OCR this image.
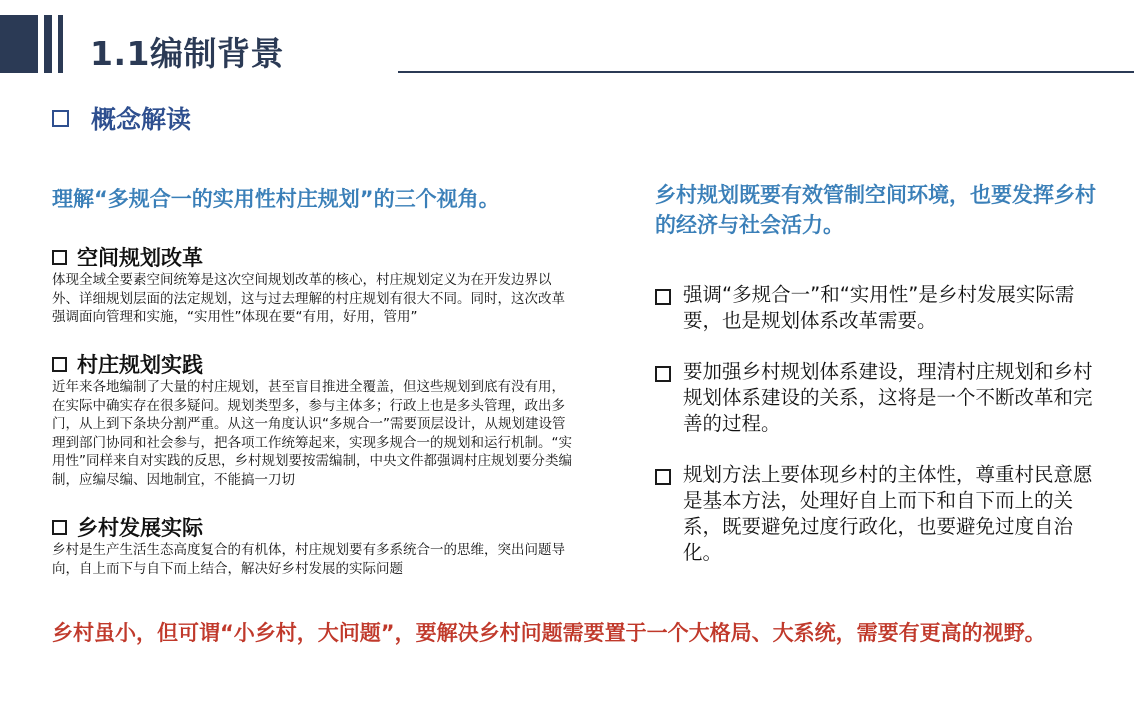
1.1编制背景
概念解读

理解“多规合一的实用性村庄规划”的三个视角。

空间规划改革

体现全域全要素空间统筹是这次空间规划改革的核心，村庄规划定义为在开发边界以外、详细规划层面的法定规划，这与过去理解的村庄规划有很大不同。同时，这次改革强调面向管理和实施，“实用性”体现在要“有用，好用，管用”

村庄规划实践

近年来各地编制了大量的村庄规划，甚至盲目推进全覆盖，但这些规划到底有没有用，在实际中确实存在很多疑问。规划类型多，参与主体多；行政上也是多头管理，政出多门，从上到下条块分割严重。从这一角度认识“多规合一”需要顶层设计，从规划建设管理到部门协同和社会参与，把各项工作统筹起来，实现多规合一的规划和运行机制。“实用性”同样来自对实践的反思，乡村规划要按需编制，中央文件都强调村庄规划要分类编制，应编尽编、因地制宜，不能搞一刀切

乡村发展实际

乡村是生产生活生态高度复合的有机体，村庄规划要有多系统合一的思维，突出问题导向，自上而下与自下而上结合，解决好乡村发展的实际问题

乡村规划既要有效管制空间环境，也要发挥乡村的经济与社会活力。

强调“多规合一”和“实用性”是乡村发展实际需要，也是规划体系改革需要。

要加强乡村规划体系建设，理清村庄规划和乡村规划体系建设的关系，这将是一个不断改革和完善的过程。

规划方法上要体现乡村的主体性，尊重村民意愿是基本方法，处理好自上而下和自下而上的关系，既要避免过度行政化，也要避免过度自治化。

乡村虽小，但可谓“小乡村，大问题”，要解决乡村问题需要置于一个大格局、大系统，需要有更高的视野。
